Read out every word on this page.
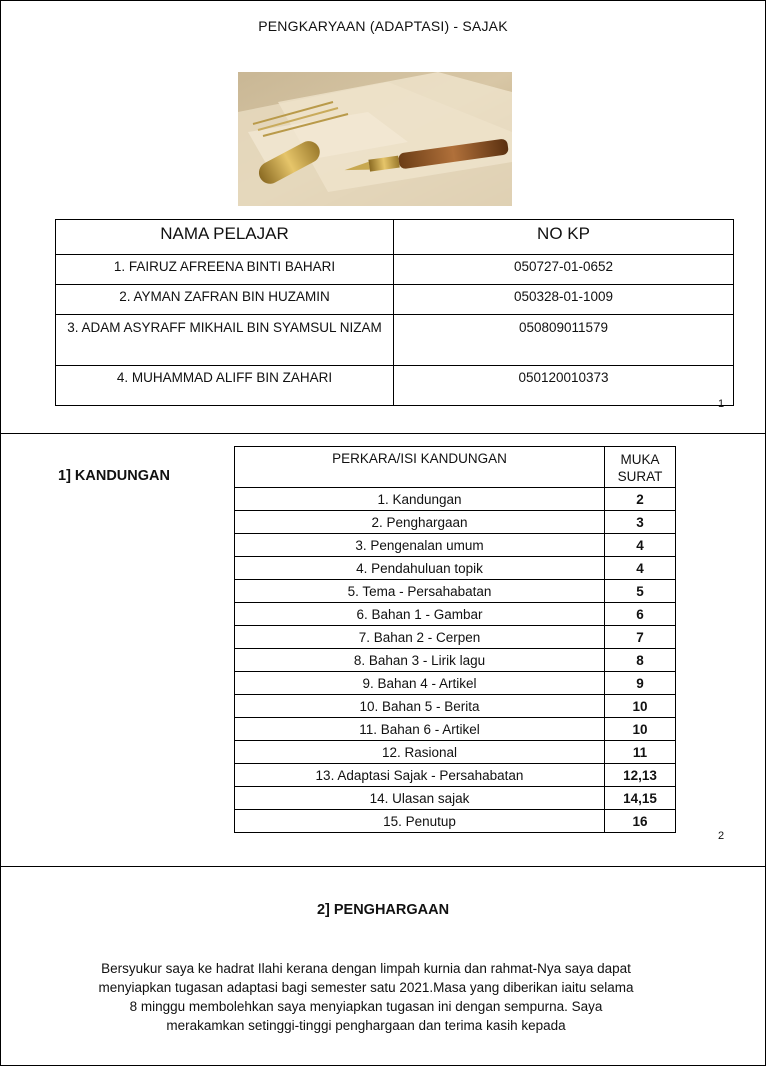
PENGKARYAAN (ADAPTASI) - SAJAK
NAMA PELAJAR	NO KP
1. FAIRUZ AFREENA BINTI BAHARI	050727-01-0652
2. AYMAN ZAFRAN BIN HUZAMIN	050328-01-1009
3. ADAM ASYRAFF MIKHAIL BIN SYAMSUL NIZAM	050809011579
4. MUHAMMAD ALIFF BIN ZAHARI	050120010373
1
1] KANDUNGAN
PERKARA/ISI KANDUNGAN	MUKA SURAT
1. Kandungan	2
2. Penghargaan	3
3. Pengenalan umum	4
4. Pendahuluan topik	4
5. Tema - Persahabatan	5
6. Bahan 1 - Gambar	6
7. Bahan 2 - Cerpen	7
8. Bahan 3 - Lirik lagu	8
9. Bahan 4 - Artikel	9
10. Bahan 5 - Berita	10
11. Bahan 6 - Artikel	10
12. Rasional	11
13. Adaptasi Sajak - Persahabatan	12,13
14. Ulasan sajak	14,15
15. Penutup	16
2
2] PENGHARGAAN
Bersyukur saya ke hadrat Ilahi kerana dengan limpah kurnia dan rahmat-Nya saya dapat menyiapkan tugasan adaptasi bagi semester satu 2021.Masa yang diberikan iaitu selama 8 minggu membolehkan saya menyiapkan tugasan ini dengan sempurna. Saya merakamkan setinggi-tinggi penghargaan dan terima kasih kepada
